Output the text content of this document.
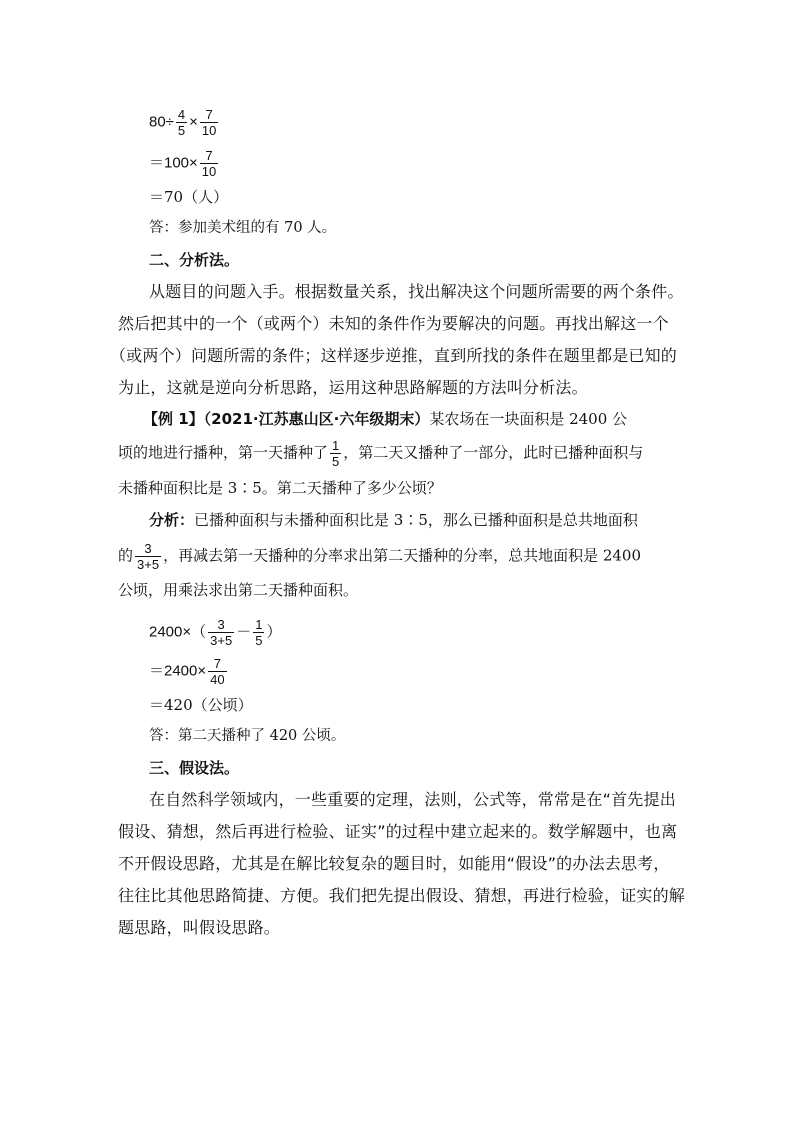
$80\div \frac{4}{5} \times \frac{7}{10}$
$=100\times \frac{7}{10}$
＝70（人）
答：参加美术组的有 70 人。
二、分析法。
从题目的问题入手。根据数量关系，找出解决这个问题所需要的两个条件。
然后把其中的一个（或两个）未知的条件作为要解决的问题。再找出解这一个
（或两个）问题所需的条件；这样逐步逆推，直到所找的条件在题里都是已知的
为止，这就是逆向分析思路，运用这种思路解题的方法叫分析法。
【例 1】（2021·江苏惠山区·六年级期末）某农场在一块面积是 2400 公
顷的地进行播种，第一天播种了 $\frac{1}{5}$ ，第二天又播种了一部分，此时已播种面积与
未播种面积比是 3∶5。第二天播种了多少公顷？
分析：已播种面积与未播种面积比是 3∶5，那么已播种面积是总共地面积
的 $\frac{3}{3+5}$ ，再减去第一天播种的分率求出第二天播种的分率，总共地面积是 2400
公顷，用乘法求出第二天播种面积。
$2400\times( \frac{3}{3+5} - \frac{1}{5}$ ）
$=2400\times \frac{7}{40}$
＝420（公顷）
答：第二天播种了 420 公顷。
三、假设法。
在自然科学领域内，一些重要的定理，法则，公式等，常常是在“首先提出
假设、猜想，然后再进行检验、证实”的过程中建立起来的。数学解题中，也离
不开假设思路，尤其是在解比较复杂的题目时，如能用“假设”的办法去思考，
往往比其他思路简捷、方便。我们把先提出假设、猜想，再进行检验，证实的解
题思路，叫假设思路。
